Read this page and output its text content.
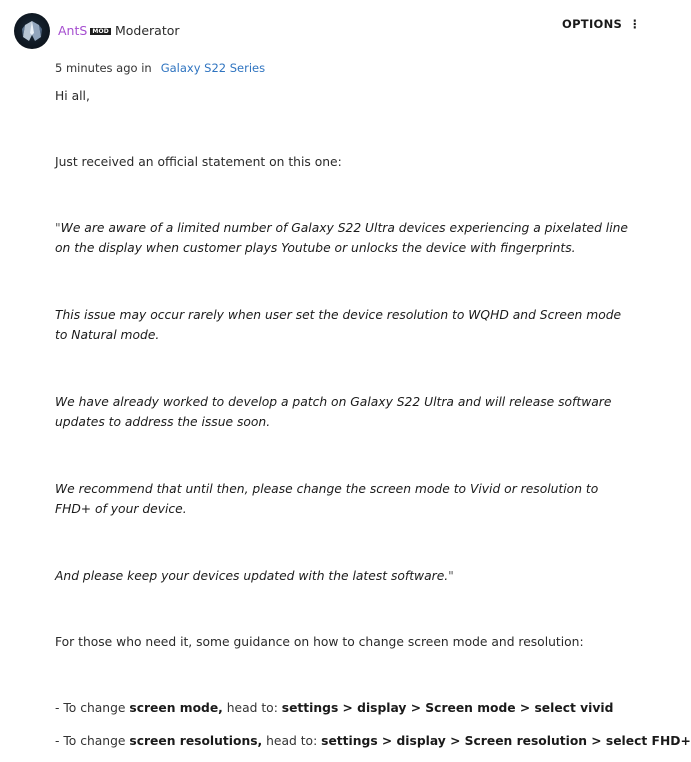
AntS MOD Moderator	OPTIONS ⋮
5 minutes ago in Galaxy S22 Series
Hi all,
Just received an official statement on this one:
"We are aware of a limited number of Galaxy S22 Ultra devices experiencing a pixelated line on the display when customer plays Youtube or unlocks the device with fingerprints.
This issue may occur rarely when user set the device resolution to WQHD and Screen mode to Natural mode.
We have already worked to develop a patch on Galaxy S22 Ultra and will release software updates to address the issue soon.
We recommend that until then, please change the screen mode to Vivid or resolution to FHD+ of your device.
And please keep your devices updated with the latest software."
For those who need it, some guidance on how to change screen mode and resolution:
- To change screen mode, head to: settings > display > Screen mode > select vivid
- To change screen resolutions, head to: settings > display > Screen resolution > select FHD+
